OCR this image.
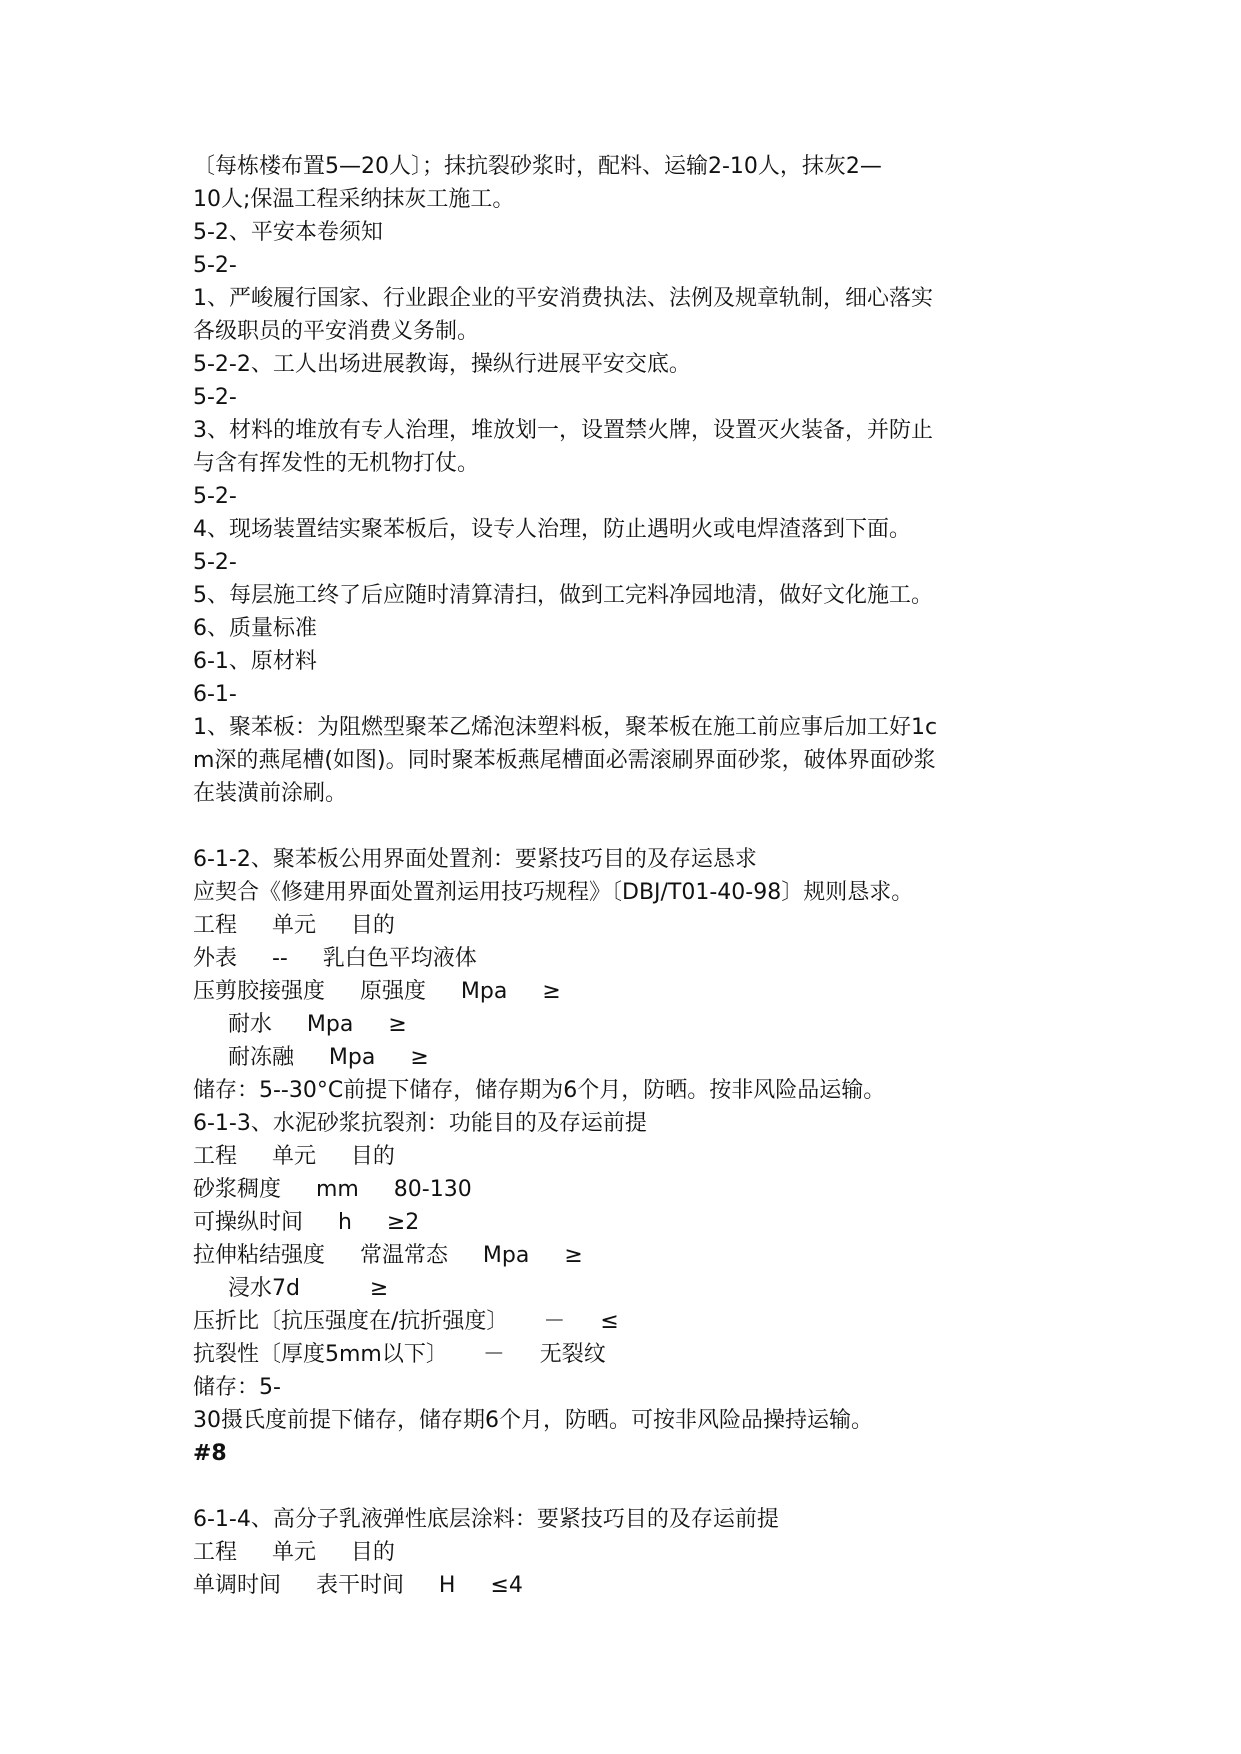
〔每栋楼布置5—20人〕；抹抗裂砂浆时，配料、运输2-10人，抹灰2—

10人;保温工程采纳抹灰工施工。

5-2、平安本卷须知

5-2-

1、严峻履行国家、行业跟企业的平安消费执法、法例及规章轨制，细心落实

各级职员的平安消费义务制。

5-2-2、工人出场进展教诲，操纵行进展平安交底。

5-2-

3、材料的堆放有专人治理，堆放划一，设置禁火牌，设置灭火装备，并防止

与含有挥发性的无机物打仗。

5-2-

4、现场装置结实聚苯板后，设专人治理，防止遇明火或电焊渣落到下面。

5-2-

5、每层施工终了后应随时清算清扫，做到工完料净园地清，做好文化施工。

6、质量标准

6-1、原材料

6-1-

1、聚苯板：为阻燃型聚苯乙烯泡沫塑料板，聚苯板在施工前应事后加工好1c

m深的燕尾槽(如图)。同时聚苯板燕尾槽面必需滚刷界面砂浆，破体界面砂浆

在装潢前涂刷。

6-1-2、聚苯板公用界面处置剂：要紧技巧目的及存运恳求

应契合《修建用界面处置剂运用技巧规程》〔DBJ/T01-40-98〕规则恳求。

工程     单元     目的

外表     --     乳白色平均液体

压剪胶接强度     原强度     Mpa     ≥

耐水     Mpa     ≥

耐冻融     Mpa     ≥

储存：5--30°C前提下储存，储存期为6个月，防晒。按非风险品运输。

6-1-3、水泥砂浆抗裂剂：功能目的及存运前提

工程     单元     目的

砂浆稠度     mm     80-130

可操纵时间     h     ≥2

拉伸粘结强度     常温常态     Mpa     ≥

浸水7d          ≥

压折比〔抗压强度在/抗折强度〕     －     ≤

抗裂性〔厚度5mm以下〕     －     无裂纹

储存：5-

30摄氏度前提下储存，储存期6个月，防晒。可按非风险品操持运输。

#8

6-1-4、高分子乳液弹性底层涂料：要紧技巧目的及存运前提

工程     单元     目的

单调时间     表干时间     H     ≤4
